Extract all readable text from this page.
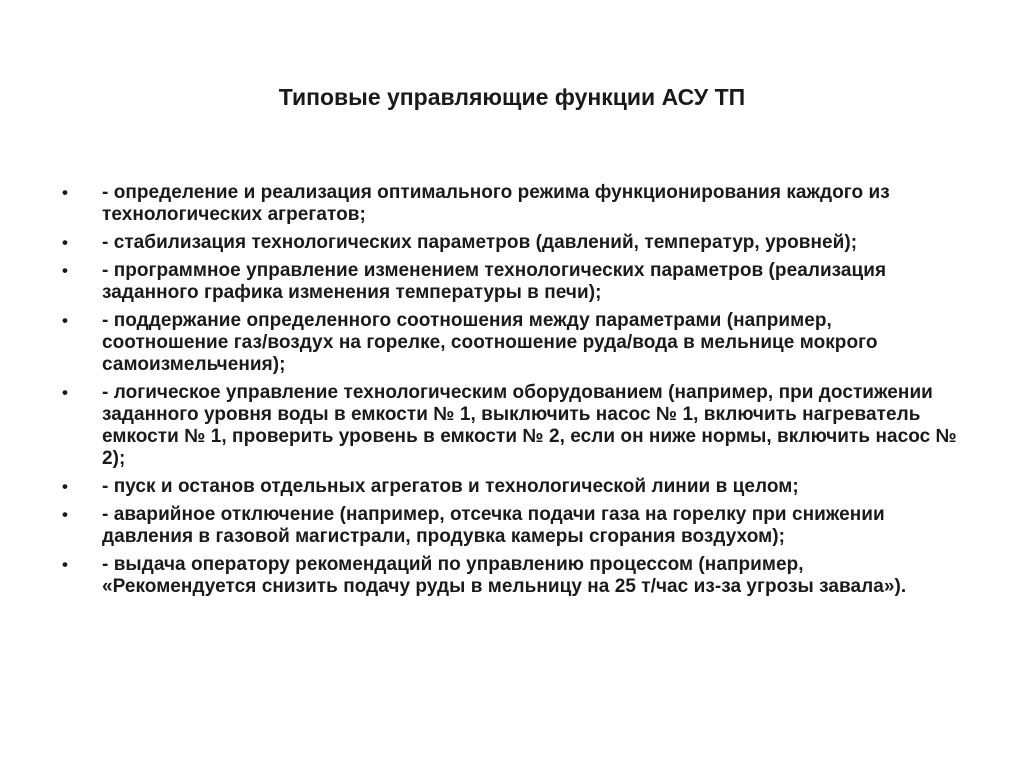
Типовые управляющие функции АСУ ТП
•	- определение и реализация оптимального режима функционирования каждого из технологических агрегатов;
•	- стабилизация технологических параметров (давлений, температур, уровней);
•	- программное управление изменением технологических параметров (реализация заданного графика изменения температуры в печи);
•	- поддержание определенного соотношения между параметрами (например, соотношение газ/воздух на горелке, соотношение руда/вода в мельнице мокрого самоизмельчения);
•	- логическое управление технологическим оборудованием (например, при достижении заданного уровня воды в емкости № 1, выключить насос № 1, включить нагреватель емкости № 1, проверить уровень в емкости № 2, если он ниже нормы, включить насос № 2);
•	- пуск и останов отдельных агрегатов и технологической линии в целом;
•	- аварийное отключение (например, отсечка подачи газа на горелку при снижении давления в газовой магистрали, продувка камеры сгорания воздухом);
•	- выдача оператору рекомендаций по управлению процессом (например, «Рекомендуется снизить подачу руды в мельницу на 25 т/час из-за угрозы завала»).
